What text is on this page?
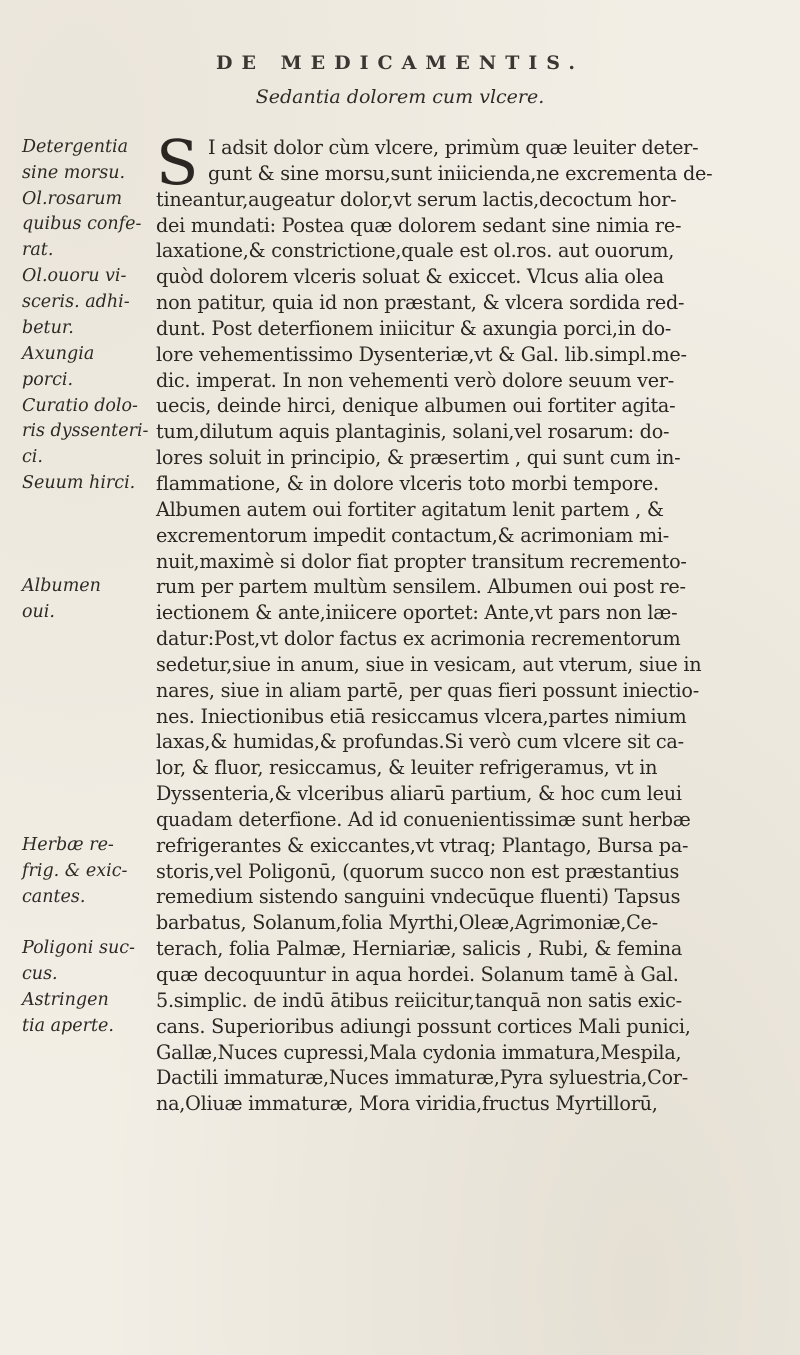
DE MEDICAMENTIS.
Sedantia dolorem cum vlcere.
Detergentia
sine morsu.
Ol.rosarum
quibus confe-
rat.
Ol.ouoru vi-
sceris. adhi-
betur.
Axungia
porci.
Curatio dolo-
ris dyssenteri-
ci.
Seuum hirci.
Albumen
oui.
Herbæ re-
frig. & exic-
cantes.
Poligoni suc-
cus.
Astringen
tia aperte.
S I adsit dolor cùm vlcere, primùm quæ leuiter deter-
gunt & sine morsu,sunt iniicienda,ne excrementa de-
tineantur,augeatur dolor,vt serum lactis,decoctum hor-
dei mundati: Postea quæ dolorem sedant sine nimia re-
laxatione,& constrictione,quale est ol.ros. aut ouorum,
quòd dolorem vlceris soluat & exiccet. Vlcus alia olea
non patitur, quia id non præstant, & vlcera sordida red-
dunt. Post deterfionem iniicitur & axungia porci,in do-
lore vehementissimo Dysenteriæ,vt & Gal. lib.simpl.me-
dic. imperat. In non vehementi verò dolore seuum ver-
uecis, deinde hirci, denique albumen oui fortiter agita-
tum,dilutum aquis plantaginis, solani,vel rosarum: do-
lores soluit in principio, & præsertim , qui sunt cum in-
flammatione, & in dolore vlceris toto morbi tempore.
Albumen autem oui fortiter agitatum lenit partem , &
excrementorum impedit contactum,& acrimoniam mi-
nuit,maximè si dolor fiat propter transitum recremento-
rum per partem multùm sensilem. Albumen oui post re-
iectionem & ante,iniicere oportet: Ante,vt pars non læ-
datur:Post,vt dolor factus ex acrimonia recrementorum
sedetur,siue in anum, siue in vesicam, aut vterum, siue in
nares, siue in aliam partē, per quas fieri possunt iniectio-
nes. Iniectionibus etiā resiccamus vlcera,partes nimium
laxas,& humidas,& profundas.Si verò cum vlcere sit ca-
lor, & fluor, resiccamus, & leuiter refrigeramus, vt in
Dyssenteria,& vlceribus aliarū partium, & hoc cum leui
quadam deterfione. Ad id conuenientissimæ sunt herbæ
refrigerantes & exiccantes,vt vtraq; Plantago, Bursa pa-
storis,vel Poligonū, (quorum succo non est præstantius
remedium sistendo sanguini vndecūque fluenti) Tapsus
barbatus, Solanum,folia Myrthi,Oleæ,Agrimoniæ,Ce-
terach, folia Palmæ, Herniariæ, salicis , Rubi, & femina
quæ decoquuntur in aqua hordei. Solanum tamē à Gal.
5.simplic. de indū ātibus reiicitur,tanquā non satis exic-
cans. Superioribus adiungi possunt cortices Mali punici,
Gallæ,Nuces cupressi,Mala cydonia immatura,Mespila,
Dactili immaturæ,Nuces immaturæ,Pyra syluestria,Cor-
na,Oliuæ immaturæ, Mora viridia,fructus Myrtillorū,
